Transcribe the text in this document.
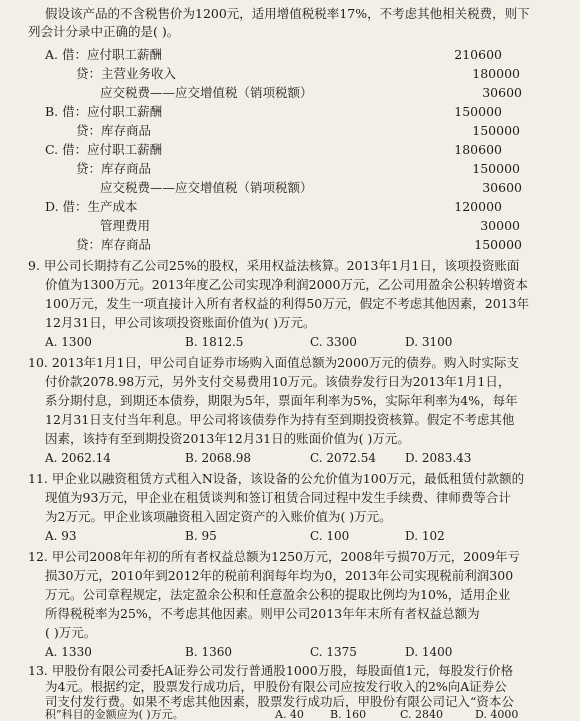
假设该产品的不含税售价为1200元，适用增值税税率17%，不考虑其他相关税费，则下
列会计分录中正确的是( )。
A. 借：应付职工薪酬	210600
贷：主营业务收入	180000
应交税费——应交增值税（销项税额）	30600
B. 借：应付职工薪酬	150000
贷：库存商品	150000
C. 借：应付职工薪酬	180600
贷：库存商品	150000
应交税费——应交增值税（销项税额）	30600
D. 借：生产成本	120000
管理费用	30000
贷：库存商品	150000
9. 甲公司长期持有乙公司25%的股权，采用权益法核算。2013年1月1日，该项投资账面
价值为1300万元。2013年度乙公司实现净利润2000万元，乙公司用盈余公积转增资本
100万元，发生一项直接计入所有者权益的利得50万元，假定不考虑其他因素，2013年
12月31日，甲公司该项投资账面价值为( )万元。
A. 1300	B. 1812.5	C. 3300	D. 3100
10. 2013年1月1日，甲公司自证券市场购入面值总额为2000万元的债券。购入时实际支
付价款2078.98万元，另外支付交易费用10万元。该债券发行日为2013年1月1日，
系分期付息，到期还本债券，期限为5年，票面年利率为5%，实际年利率为4%，每年
12月31日支付当年利息。甲公司将该债券作为持有至到期投资核算。假定不考虑其他
因素，该持有至到期投资2013年12月31日的账面价值为( )万元。
A. 2062.14	B. 2068.98	C. 2072.54 D. 2083.43
11. 甲企业以融资租赁方式租入N设备，该设备的公允价值为100万元，最低租赁付款额的
现值为93万元，甲企业在租赁谈判和签订租赁合同过程中发生手续费、律师费等合计
为2万元。甲企业该项融资租入固定资产的入账价值为( )万元。
A. 93	B. 95	C. 100	D. 102
12. 甲公司2008年年初的所有者权益总额为1250万元，2008年亏损70万元，2009年亏
损30万元，2010年到2012年的税前利润每年均为0，2013年公司实现税前利润300
万元。公司章程规定，法定盈余公积和任意盈余公积的提取比例均为10%，适用企业
所得税税率为25%，不考虑其他因素。则甲公司2013年年末所有者权益总额为
( )万元。
A. 1330	B. 1360	C. 1375	D. 1400
13. 甲股份有限公司委托A证券公司发行普通股1000万股，每股面值1元，每股发行价格
为4元。根据约定，股票发行成功后，甲股份有限公司应按发行收入的2%向A证券公
司支付发行费。如果不考虑其他因素，股票发行成功后，甲股份有限公司记入“资本公
积”科目的金额应为( )万元。	A. 40 B. 160	C. 2840	D. 4000
